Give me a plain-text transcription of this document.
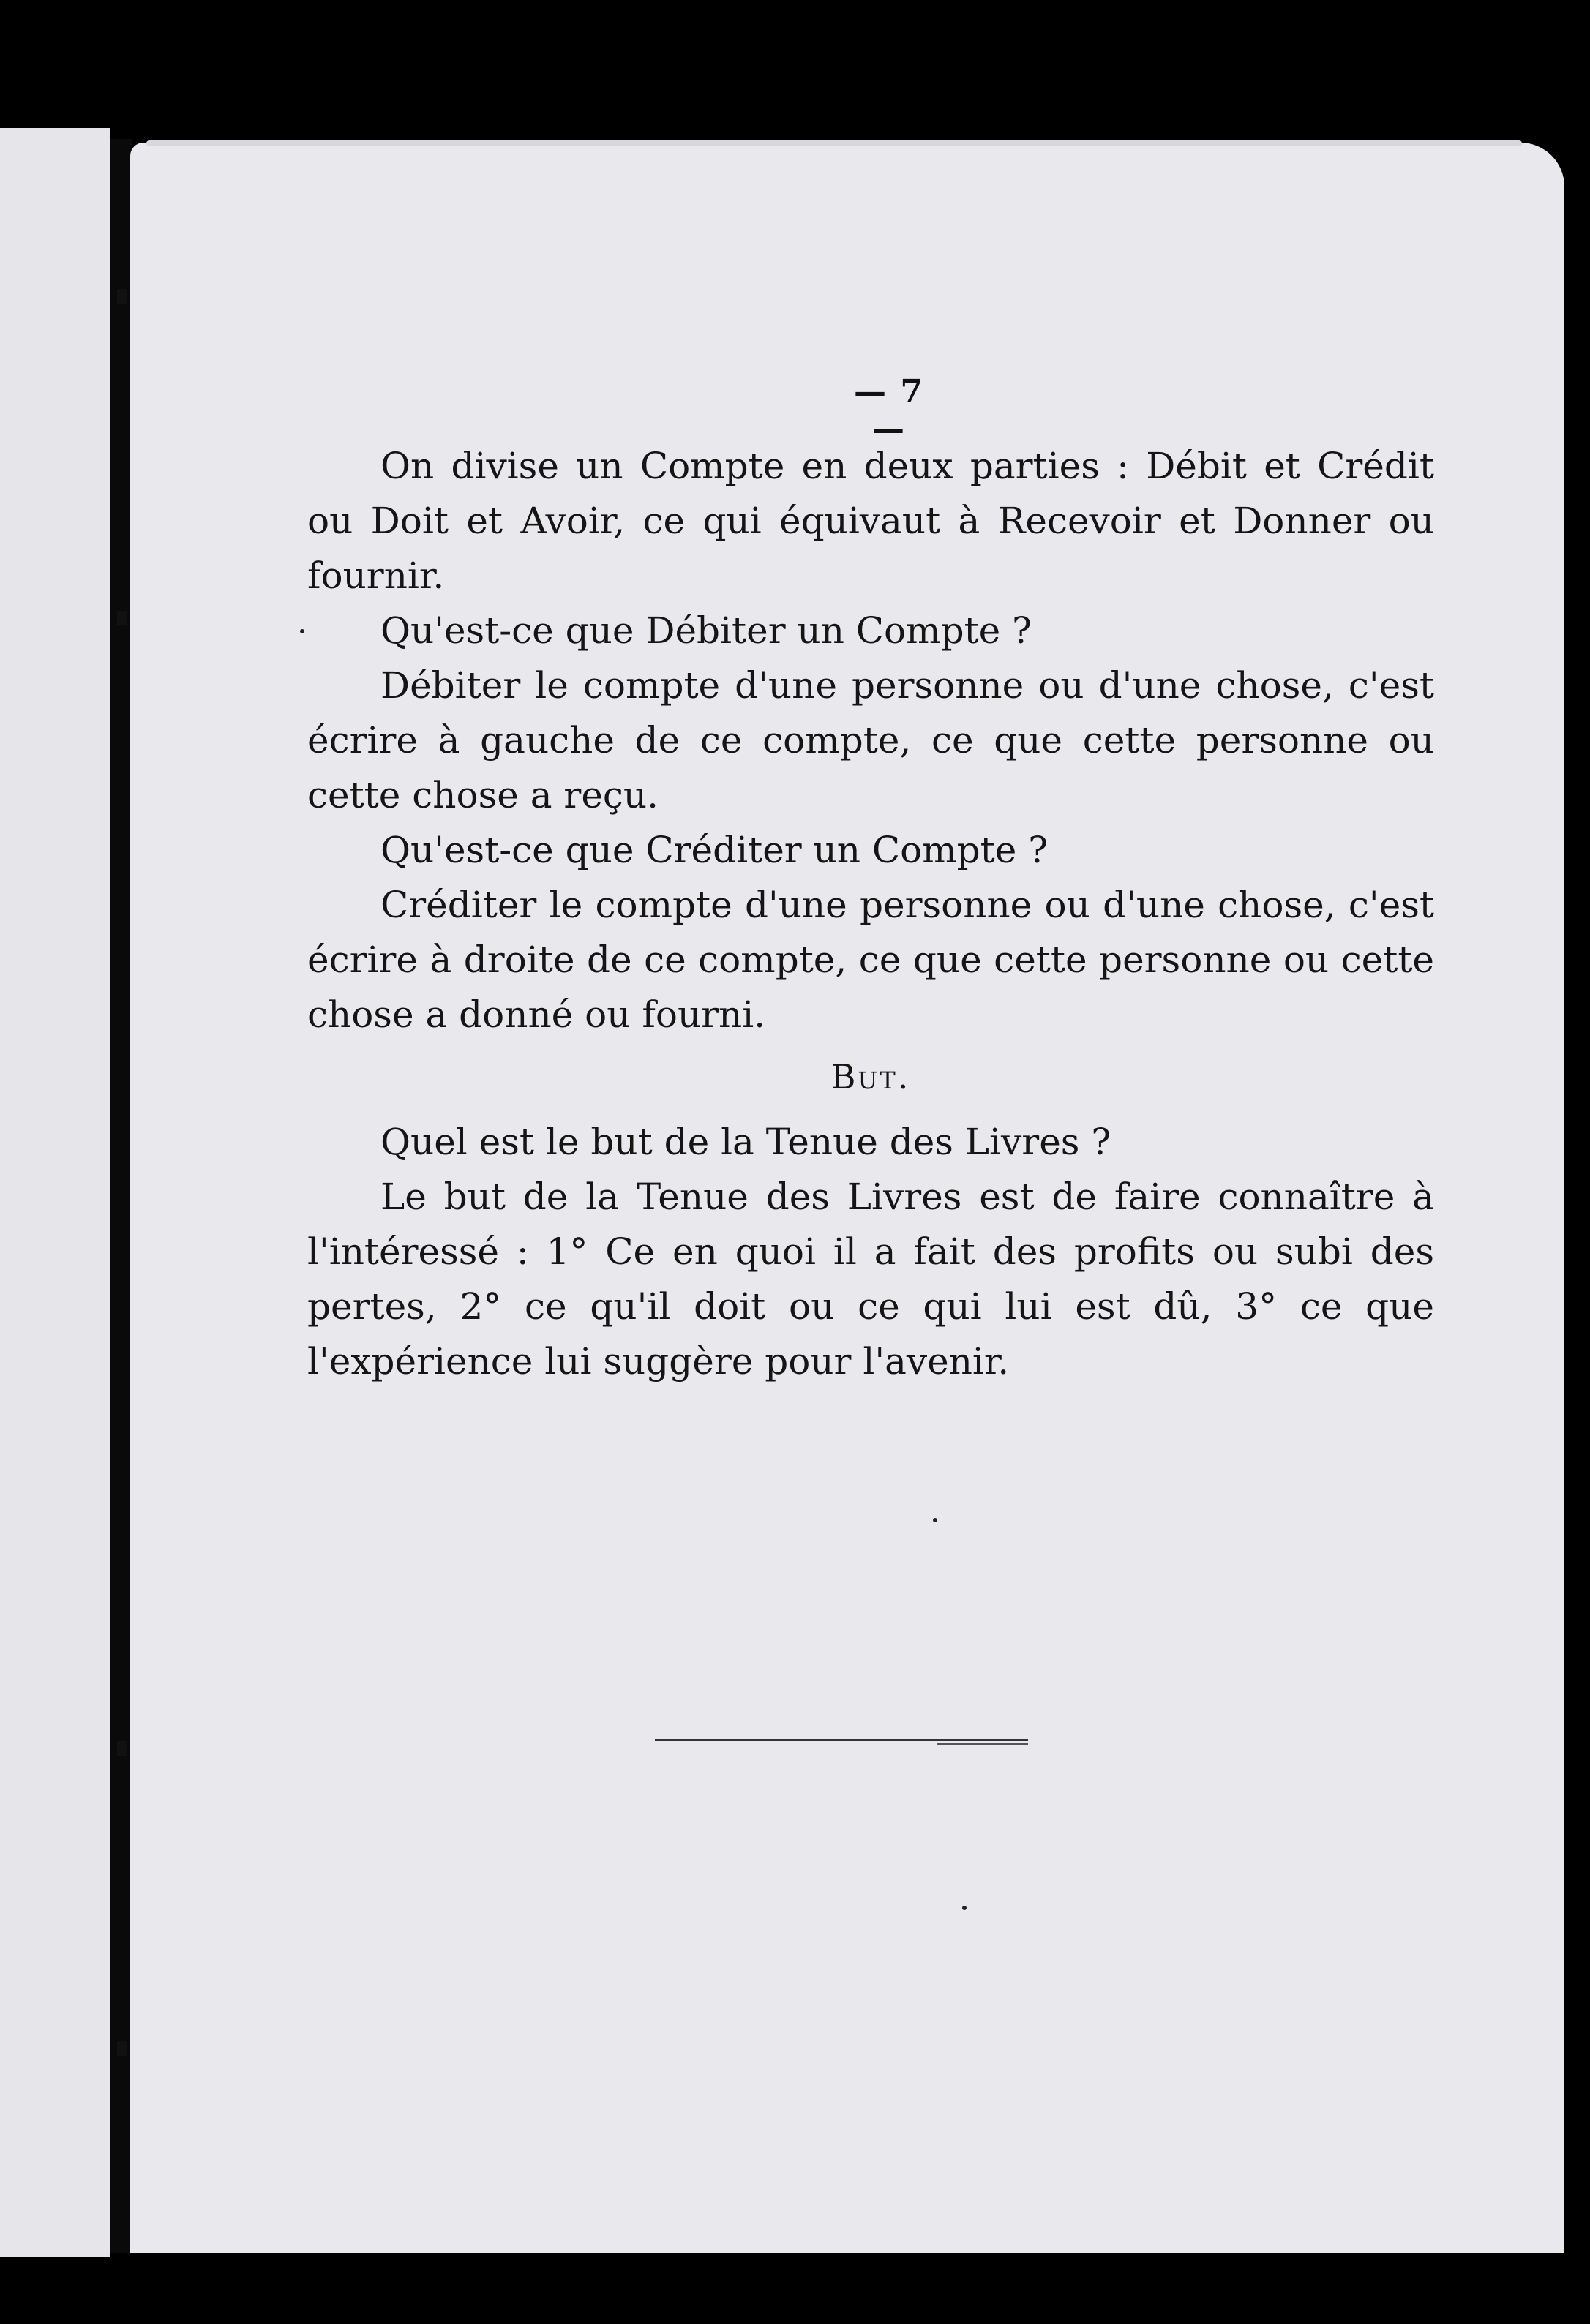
— 7 —

On divise un Compte en deux parties : Débit et Crédit ou Doit et Avoir, ce qui équivaut à Recevoir et Donner ou fournir.

Qu'est-ce que Débiter un Compte ?

Débiter le compte d'une personne ou d'une chose, c'est écrire à gauche de ce compte, ce que cette personne ou cette chose a reçu.

Qu'est-ce que Créditer un Compte ?

Créditer le compte d'une personne ou d'une chose, c'est écrire à droite de ce compte, ce que cette personne ou cette chose a donné ou fourni.

But.

Quel est le but de la Tenue des Livres ?

Le but de la Tenue des Livres est de faire connaître à l'intéressé : 1° Ce en quoi il a fait des profits ou subi des pertes, 2° ce qu'il doit ou ce qui lui est dû, 3° ce que l'expérience lui suggère pour l'avenir.
